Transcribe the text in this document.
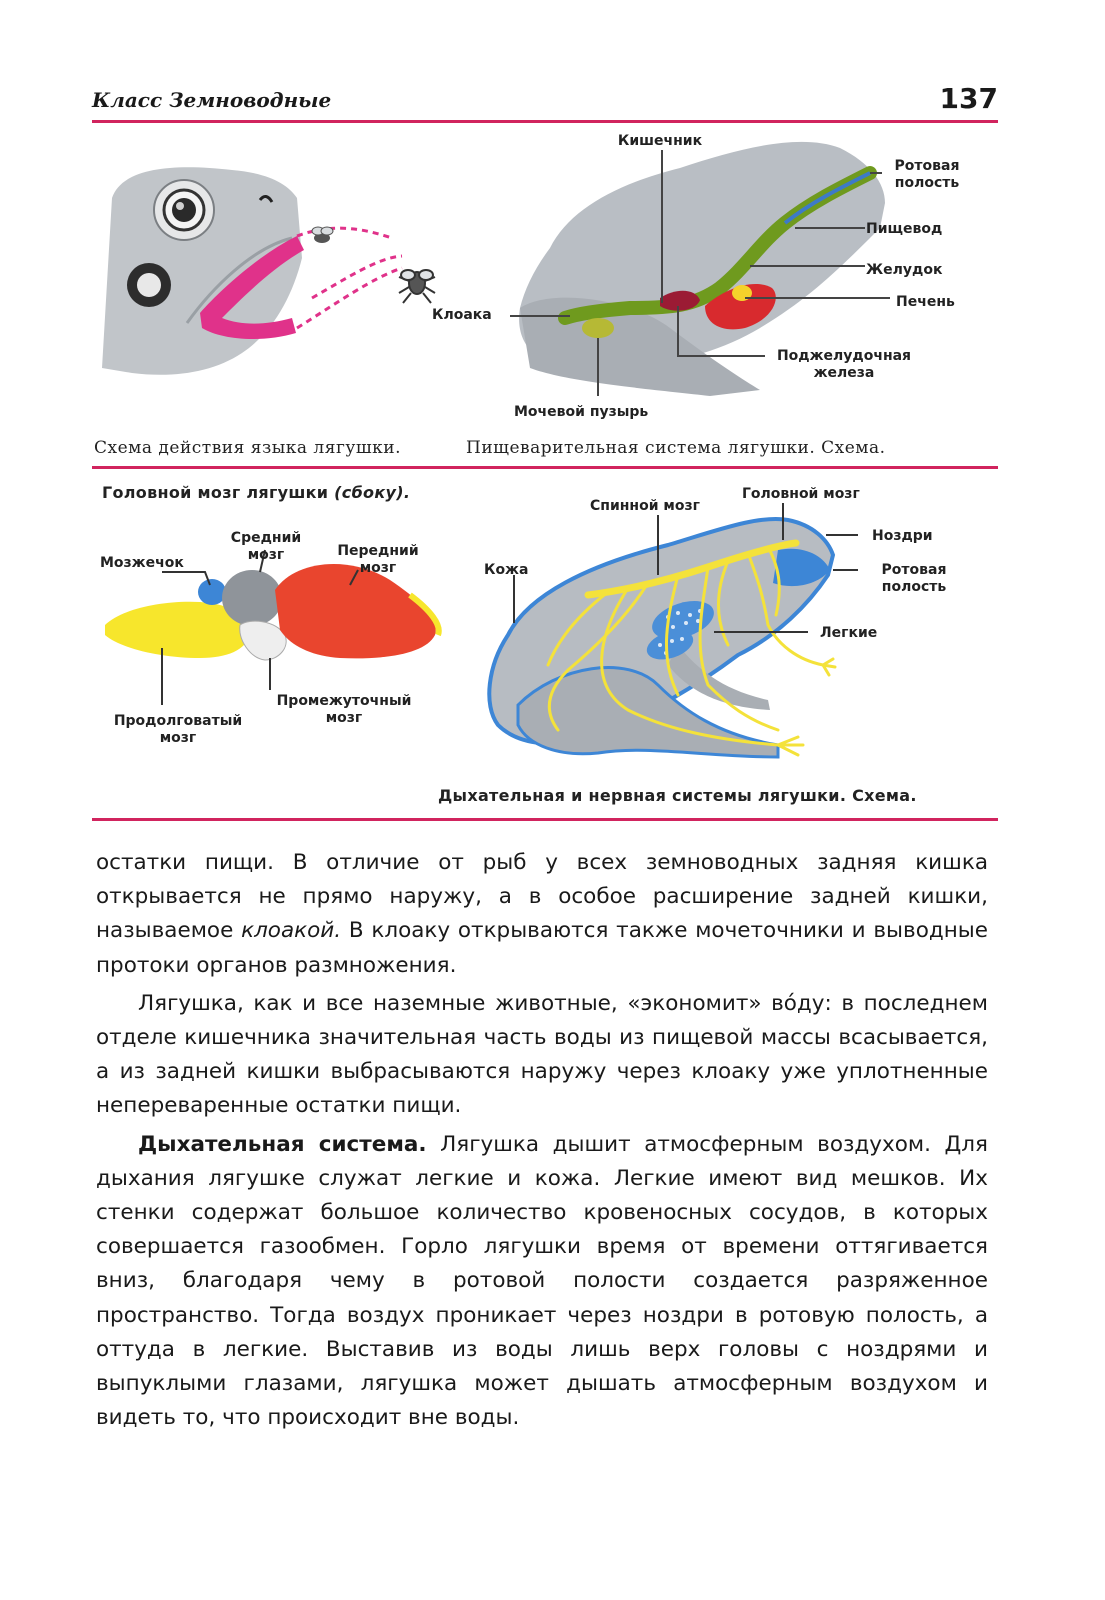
Класс Земноводные	137
Кишечник
Ротовая
полость
Пищевод
Желудок
Печень
Клоака
Поджелудочная
железа
Мочевой пузырь
Схема действия языка лягушки.	Пищеварительная система лягушки. Схема.
Головной мозг лягушки (сбоку).
Мозжечок
Средний
мозг	Передний
мозг
Продолговатый
мозг
Промежуточный
мозг
Спинной мозг
Головной мозг
Ноздри
Ротовая
полость
Кожа
Легкие
Дыхательная и нервная системы лягушки. Схема.

остатки пищи. В отличие от рыб у всех земноводных задняя кишка открывается не прямо наружу, а в особое расширение задней кишки, называемое клоакой. В клоаку открываются также мочеточники и выводные протоки органов размножения.

Лягушка, как и все наземные животные, «экономит» вóду: в последнем отделе кишечника значительная часть воды из пищевой массы всасывается, а из задней кишки выбрасываются наружу через клоаку уже уплотненные непереваренные остатки пищи.

Дыхательная система. Лягушка дышит атмосферным воздухом. Для дыхания лягушке служат легкие и кожа. Легкие имеют вид мешков. Их стенки содержат большое количество кровеносных сосудов, в которых совершается газообмен. Горло лягушки время от времени оттягивается вниз, благодаря чему в ротовой полости создается разряженное пространство. Тогда воздух проникает через ноздри в ротовую полость, а оттуда в легкие. Выставив из воды лишь верх головы с ноздрями и выпуклыми глазами, лягушка может дышать атмосферным воздухом и видеть то, что происходит вне воды.
